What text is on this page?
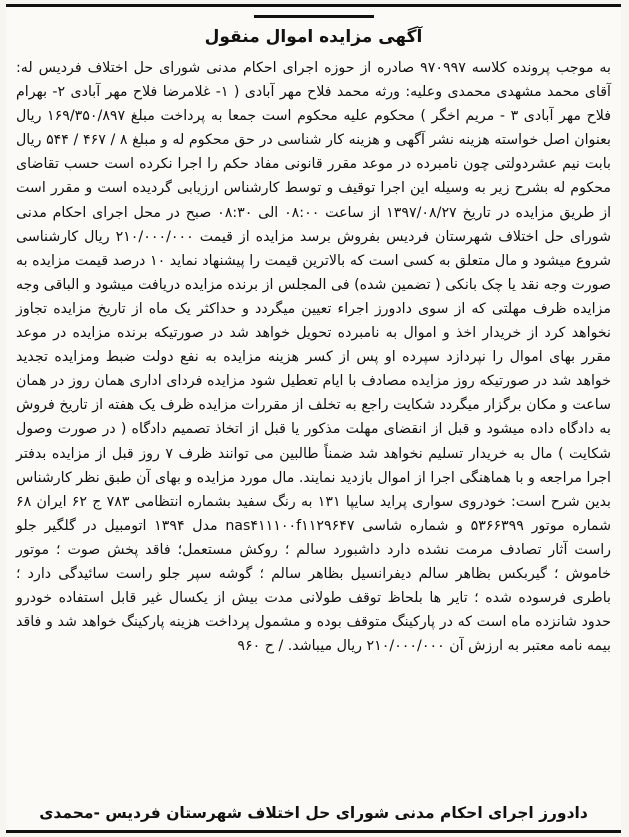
آگهی مزایده اموال منقول

به موجب پرونده کلاسه ۹۷۰۹۹۷ صادره از حوزه اجرای احکام مدنی شورای حل اختلاف فردیس له: آقای محمد مشهدی محمدی وعلیه: ورثه محمد فلاح مهر آبادی ( ۱- غلامرضا فلاح مهر آبادی ۲- بهرام فلاح مهر آبادی ۳ - مریم اخگر ) محکوم علیه محکوم است جمعا به پرداخت مبلغ ۱۶۹/۳۵۰/۸۹۷ ریال بعنوان اصل خواسته هزینه نشر آگهی و هزینه کار شناسی در حق محکوم له و مبلغ ۸ / ۴۶۷ / ۵۴۴ ریال بابت نیم عشردولتی چون نامبرده در موعد مقرر قانونی مفاد حکم را اجرا نکرده است حسب تقاضای محکوم له بشرح زیر به وسیله این اجرا توقیف و توسط کارشناس ارزیابی گردیده است و مقرر است از طریق مزایده در تاریخ ۱۳۹۷/۰۸/۲۷ از ساعت ۰۸:۰۰ الی ۰۸:۳۰ صبح در محل اجرای احکام مدنی شورای حل اختلاف شهرستان فردیس بفروش برسد مزایده از قیمت ۲۱۰/۰۰۰/۰۰۰ ریال کارشناسی شروع میشود و مال متعلق به کسی است که بالاترین قیمت را پیشنهاد نماید ۱۰ درصد قیمت مزایده به صورت وجه نقد یا چک بانکی ( تضمین شده) فی المجلس از برنده مزایده دریافت میشود و الباقی وجه مزایده ظرف مهلتی که از سوی دادورز اجراء تعیین میگردد و حداکثر یک ماه از تاریخ مزایده تجاوز نخواهد کرد از خریدار اخذ و اموال به نامبرده تحویل خواهد شد در صورتیکه برنده مزایده در موعد مقرر بهای اموال را نپردازد سپرده او پس از کسر هزینه مزایده به نفع دولت ضبط ومزایده تجدید خواهد شد در صورتیکه روز مزایده مصادف با ایام تعطیل شود مزایده فردای اداری همان روز در همان ساعت و مکان برگزار میگردد شکایت راجع به تخلف از مقررات مزایده ظرف یک هفته از تاریخ فروش به دادگاه داده میشود و قبل از انقضای مهلت مذکور یا قبل از اتخاذ تصمیم دادگاه ( در صورت وصول شکایت ) مال به خریدار تسلیم نخواهد شد ضمناً طالبین می توانند ظرف ۷ روز قبل از مزایده بدفتر اجرا مراجعه و با هماهنگی اجرا از اموال بازدید نمایند. مال مورد مزایده و بهای آن طبق نظر کارشناس بدین شرح است: خودروی سواری پراید سایپا ۱۳۱ به رنگ سفید بشماره انتظامی ۷۸۳ ج ۶۲ ایران ۶۸ شماره موتور ۵۳۶۶۳۹۹ و شماره شاسی nas۴۱۱۱۰۰f۱۱۲۹۶۴۷ مدل ۱۳۹۴ اتومبیل در گلگیر جلو راست آثار تصادف مرمت نشده دارد داشبورد سالم ؛ روکش مستعمل؛ فاقد پخش صوت ؛ موتور خاموش ؛ گیربکس بظاهر سالم دیفرانسیل بظاهر سالم ؛ گوشه سپر جلو راست سائیدگی دارد ؛ باطری فرسوده شده ؛ تایر ها بلحاظ توقف طولانی مدت بیش از یکسال غیر قابل استفاده خودرو حدود شانزده ماه است که در پارکینگ متوقف بوده و مشمول پرداخت هزینه پارکینگ خواهد شد و فاقد بیمه نامه معتبر به ارزش آن ۲۱۰/۰۰۰/۰۰۰ ریال میباشد. / ح ۹۶۰

دادورز اجرای احکام مدنی شورای حل اختلاف شهرستان فردیس -محمدی
